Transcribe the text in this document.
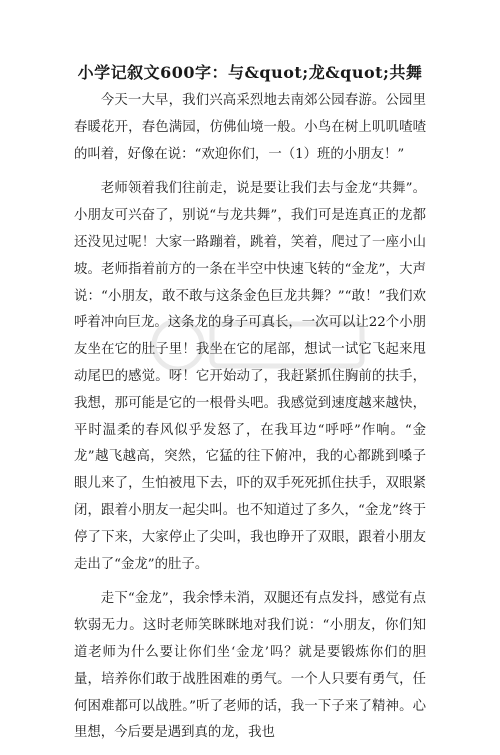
小学记叙文600字：与&quot;龙&quot;共舞

今天一大早，我们兴高采烈地去南郊公园春游。公园里春暖花开，春色满园，仿佛仙境一般。小鸟在树上叽叽喳喳的叫着，好像在说：“欢迎你们，一（1）班的小朋友！”

老师领着我们往前走，说是要让我们去与金龙“共舞”。小朋友可兴奋了，别说“与龙共舞”，我们可是连真正的龙都还没见过呢！大家一路蹦着，跳着，笑着，爬过了一座小山坡。老师指着前方的一条在半空中快速飞转的“金龙”，大声说：“小朋友，敢不敢与这条金色巨龙共舞？”“敢！”我们欢呼着冲向巨龙。这条龙的身子可真长，一次可以让22个小朋友坐在它的肚子里！我坐在它的尾部，想试一试它飞起来甩动尾巴的感觉。呀！它开始动了，我赶紧抓住胸前的扶手，我想，那可能是它的一根骨头吧。我感觉到速度越来越快，平时温柔的春风似乎发怒了，在我耳边“呼呼”作响。“金龙”越飞越高，突然，它猛的往下俯冲，我的心都跳到嗓子眼儿来了，生怕被甩下去，吓的双手死死抓住扶手，双眼紧闭，跟着小朋友一起尖叫。也不知道过了多久，“金龙”终于停了下来，大家停止了尖叫，我也睁开了双眼，跟着小朋友走出了“金龙”的肚子。

走下“金龙”，我余悸未消，双腿还有点发抖，感觉有点软弱无力。这时老师笑眯眯地对我们说：“小朋友，你们知道老师为什么要让你们坐‘金龙’吗？就是要锻炼你们的胆量，培养你们敢于战胜困难的勇气。一个人只要有勇气，任何困难都可以战胜。”听了老师的话，我一下子来了精神。心里想，今后要是遇到真的龙，我也
